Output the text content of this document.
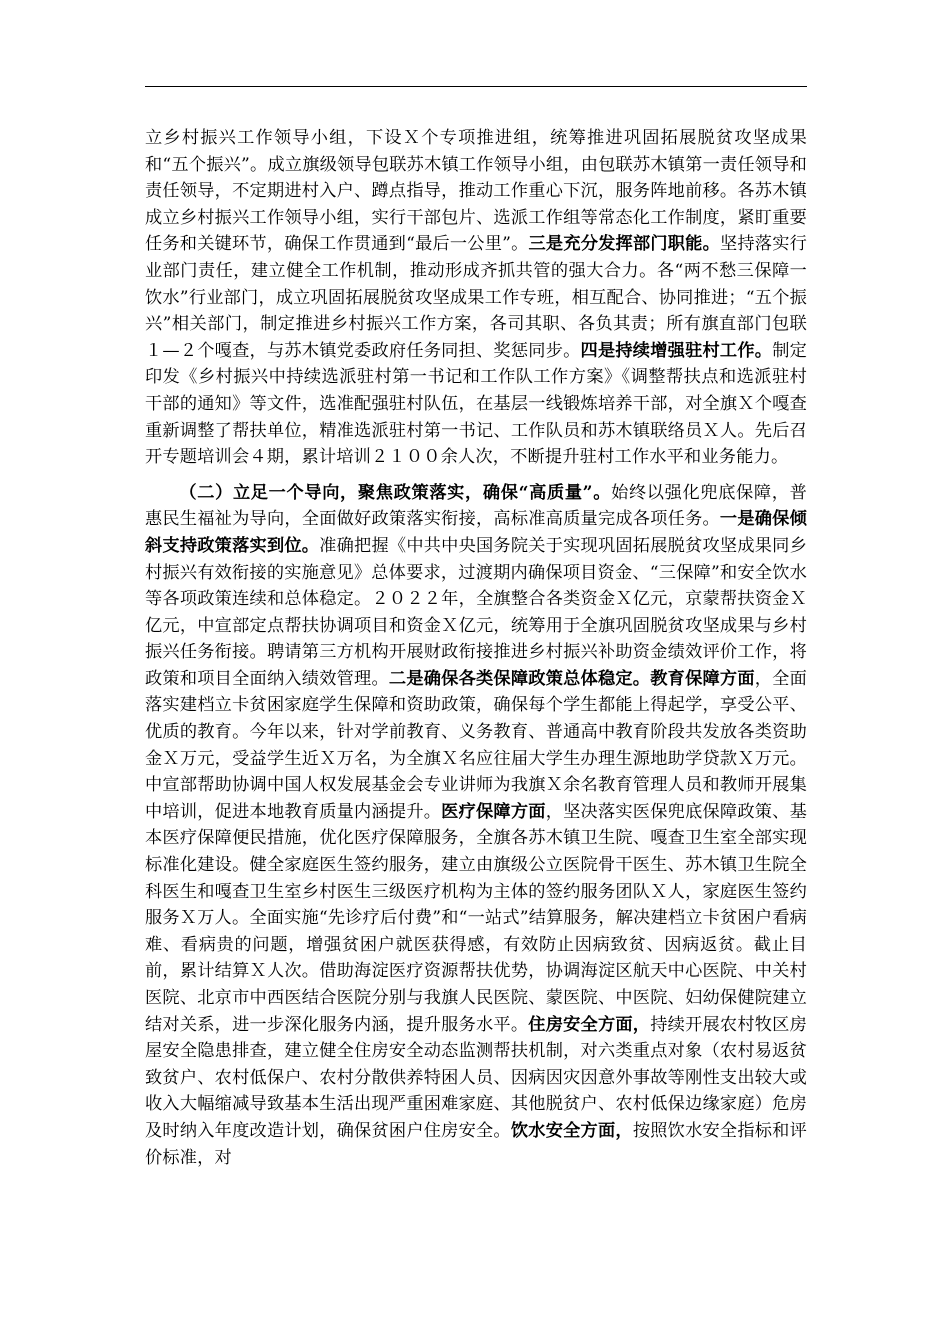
立乡村振兴工作领导小组，下设Ｘ个专项推进组，统筹推进巩固拓展脱贫攻坚成果和“五个振兴”。成立旗级领导包联苏木镇工作领导小组，由包联苏木镇第一责任领导和责任领导，不定期进村入户、蹲点指导，推动工作重心下沉，服务阵地前移。各苏木镇成立乡村振兴工作领导小组，实行干部包片、选派工作组等常态化工作制度，紧盯重要任务和关键环节，确保工作贯通到“最后一公里”。三是充分发挥部门职能。坚持落实行业部门责任，建立健全工作机制，推动形成齐抓共管的强大合力。各“两不愁三保障一饮水”行业部门，成立巩固拓展脱贫攻坚成果工作专班，相互配合、协同推进；“五个振兴”相关部门，制定推进乡村振兴工作方案，各司其职、各负其责；所有旗直部门包联１—２个嘎查，与苏木镇党委政府任务同担、奖惩同步。四是持续增强驻村工作。制定印发《乡村振兴中持续选派驻村第一书记和工作队工作方案》《调整帮扶点和选派驻村干部的通知》等文件，选准配强驻村队伍，在基层一线锻炼培养干部，对全旗Ｘ个嘎查重新调整了帮扶单位，精准选派驻村第一书记、工作队员和苏木镇联络员Ｘ人。先后召开专题培训会４期，累计培训２１００余人次，不断提升驻村工作水平和业务能力。

（二）立足一个导向，聚焦政策落实，确保“高质量”。始终以强化兜底保障，普惠民生福祉为导向，全面做好政策落实衔接，高标准高质量完成各项任务。一是确保倾斜支持政策落实到位。准确把握《中共中央国务院关于实现巩固拓展脱贫攻坚成果同乡村振兴有效衔接的实施意见》总体要求，过渡期内确保项目资金、“三保障”和安全饮水等各项政策连续和总体稳定。２０２２年，全旗整合各类资金Ｘ亿元，京蒙帮扶资金Ｘ亿元，中宣部定点帮扶协调项目和资金Ｘ亿元，统筹用于全旗巩固脱贫攻坚成果与乡村振兴任务衔接。聘请第三方机构开展财政衔接推进乡村振兴补助资金绩效评价工作，将政策和项目全面纳入绩效管理。二是确保各类保障政策总体稳定。教育保障方面，全面落实建档立卡贫困家庭学生保障和资助政策，确保每个学生都能上得起学，享受公平、优质的教育。今年以来，针对学前教育、义务教育、普通高中教育阶段共发放各类资助金Ｘ万元，受益学生近Ｘ万名，为全旗Ｘ名应往届大学生办理生源地助学贷款Ｘ万元。中宣部帮助协调中国人权发展基金会专业讲师为我旗Ｘ余名教育管理人员和教师开展集中培训，促进本地教育质量内涵提升。医疗保障方面，坚决落实医保兜底保障政策、基本医疗保障便民措施，优化医疗保障服务，全旗各苏木镇卫生院、嘎查卫生室全部实现标准化建设。健全家庭医生签约服务，建立由旗级公立医院骨干医生、苏木镇卫生院全科医生和嘎查卫生室乡村医生三级医疗机构为主体的签约服务团队Ｘ人，家庭医生签约服务Ｘ万人。全面实施“先诊疗后付费”和“一站式”结算服务，解决建档立卡贫困户看病难、看病贵的问题，增强贫困户就医获得感，有效防止因病致贫、因病返贫。截止目前，累计结算Ｘ人次。借助海淀医疗资源帮扶优势，协调海淀区航天中心医院、中关村医院、北京市中西医结合医院分别与我旗人民医院、蒙医院、中医院、妇幼保健院建立结对关系，进一步深化服务内涵，提升服务水平。住房安全方面，持续开展农村牧区房屋安全隐患排查，建立健全住房安全动态监测帮扶机制，对六类重点对象（农村易返贫致贫户、农村低保户、农村分散供养特困人员、因病因灾因意外事故等刚性支出较大或收入大幅缩减导致基本生活出现严重困难家庭、其他脱贫户、农村低保边缘家庭）危房及时纳入年度改造计划，确保贫困户住房安全。饮水安全方面，按照饮水安全指标和评价标准，对
